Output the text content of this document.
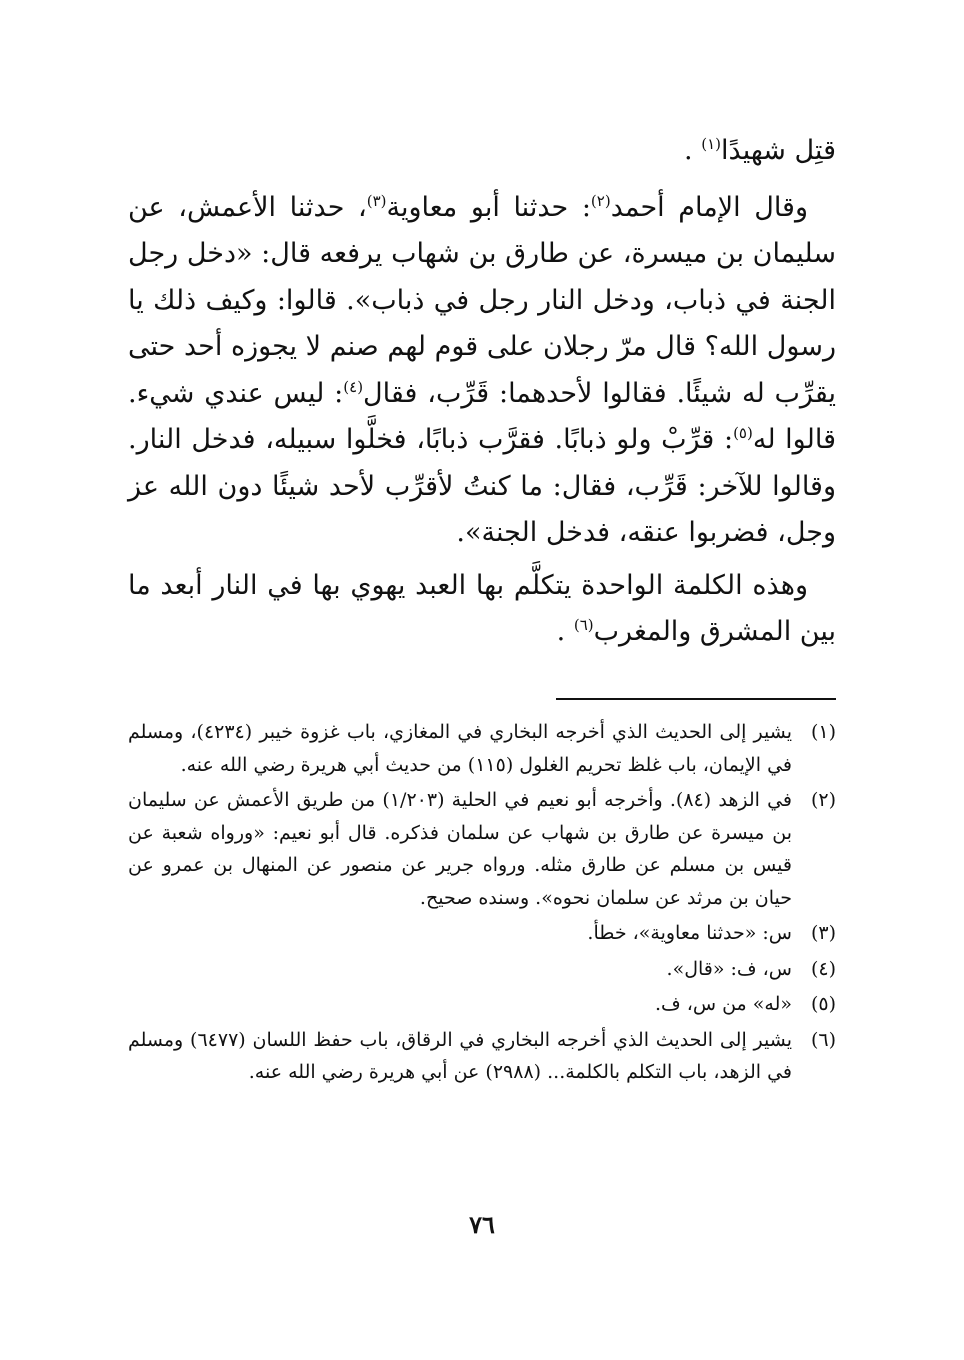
قتِل شهيدًا$^{(١)}$ .

وقال الإمام أحمد$^{(٢)}$: حدثنا أبو معاوية$^{(٣)}$، حدثنا الأعمش، عن سليمان بن ميسرة، عن طارق بن شهاب يرفعه قال: «دخل رجل الجنة في ذباب، ودخل النار رجل في ذباب». قالوا: وكيف ذلك يا رسول الله؟ قال مرّ رجلان على قوم لهم صنم لا يجوزه أحد حتى يقرِّب له شيئًا. فقالوا لأحدهما: قَرِّب، فقال$^{(٤)}$: ليس عندي شيء. قالوا له$^{(٥)}$: قرِّبْ ولو ذبابًا. فقرَّب ذبابًا، فخلَّوا سبيله، فدخل النار. وقالوا للآخر: قَرِّب، فقال: ما كنتُ لأقرِّب لأحد شيئًا دون الله عز وجل، فضربوا عنقه، فدخل الجنة».

وهذه الكلمة الواحدة يتكلَّم بها العبد يهوي بها في النار أبعد ما بين المشرق والمغرب$^{(٦)}$ .

(١)
يشير إلى الحديث الذي أخرجه البخاري في المغازي، باب غزوة خيبر (٤٢٣٤)، ومسلم في الإيمان، باب غلظ تحريم الغلول (١١٥) من حديث أبي هريرة رضي الله عنه.
(٢)
في الزهد (٨٤). وأخرجه أبو نعيم في الحلية (١/٢٠٣) من طريق الأعمش عن سليمان بن ميسرة عن طارق بن شهاب عن سلمان فذكره. قال أبو نعيم: «ورواه شعبة عن قيس بن مسلم عن طارق مثله. ورواه جرير عن منصور عن المنهال بن عمرو عن حيان بن مرثد عن سلمان نحوه». وسنده صحيح.
(٣)
س: «حدثنا معاوية»، خطأ.
(٤)
س، ف: «قال».
(٥)
«له» من س، ف.
(٦)
يشير إلى الحديث الذي أخرجه البخاري في الرقاق، باب حفظ اللسان (٦٤٧٧) ومسلم في الزهد، باب التكلم بالكلمة... (٢٩٨٨) عن أبي هريرة رضي الله عنه.
٧٦
